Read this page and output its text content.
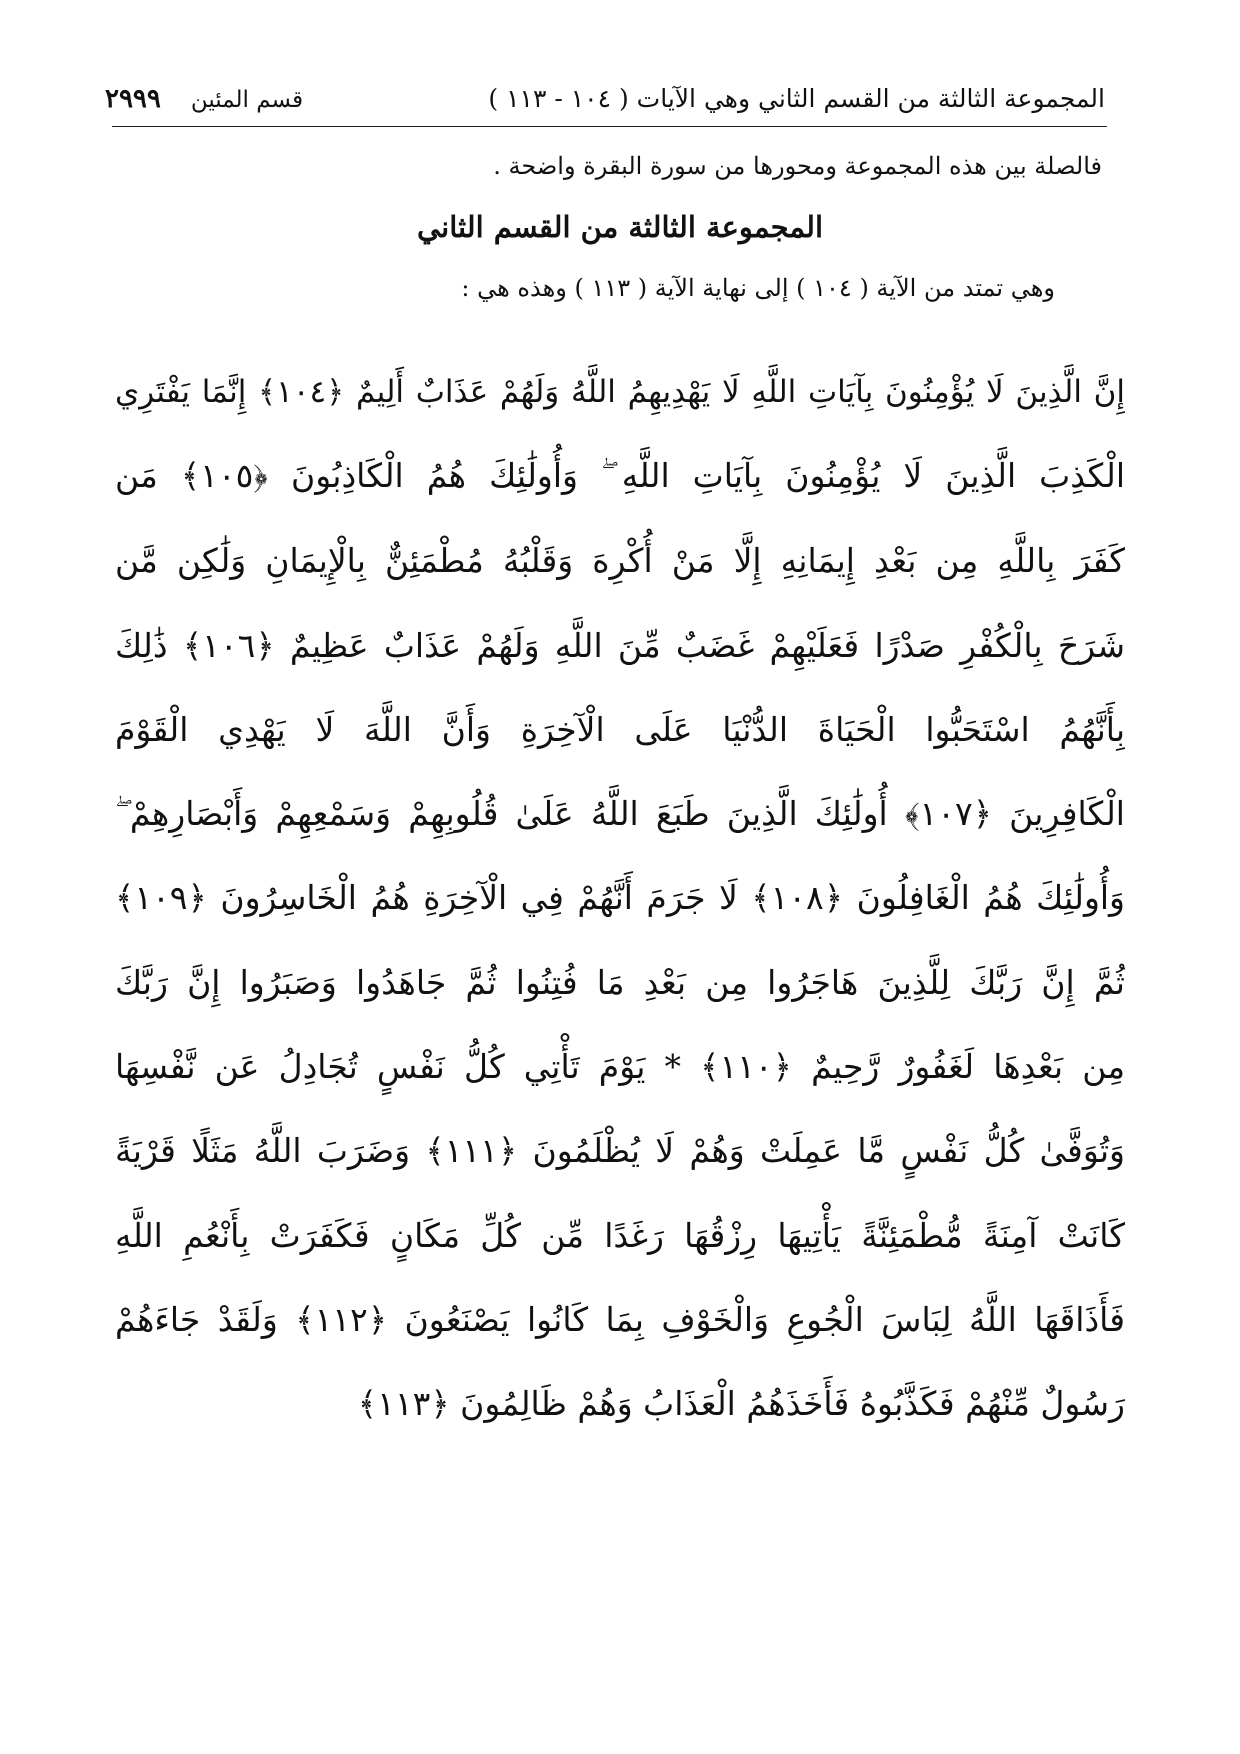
المجموعة الثالثة من القسم الثاني وهي الآيات ( ١٠٤ - ١١٣ )
قسم المئين
٢٩٩٩
فالصلة بين هذه المجموعة ومحورها من سورة البقرة واضحة .
المجموعة الثالثة من القسم الثاني
وهي تمتد من الآية ( ١٠٤ ) إلى نهاية الآية ( ١١٣ ) وهذه هي :
إِنَّ الَّذِينَ لَا يُؤْمِنُونَ بِآيَاتِ اللَّهِ لَا يَهْدِيهِمُ اللَّهُ وَلَهُمْ عَذَابٌ أَلِيمٌ ﴿١٠٤﴾ إِنَّمَا يَفْتَرِي
الْكَذِبَ الَّذِينَ لَا يُؤْمِنُونَ بِآيَاتِ اللَّهِ ۖ وَأُولَٰئِكَ هُمُ الْكَاذِبُونَ ﴿١٠٥﴾ مَن
كَفَرَ بِاللَّهِ مِن بَعْدِ إِيمَانِهِ إِلَّا مَنْ أُكْرِهَ وَقَلْبُهُ مُطْمَئِنٌّ بِالْإِيمَانِ وَلَٰكِن مَّن
شَرَحَ بِالْكُفْرِ صَدْرًا فَعَلَيْهِمْ غَضَبٌ مِّنَ اللَّهِ وَلَهُمْ عَذَابٌ عَظِيمٌ ﴿١٠٦﴾ ذَٰلِكَ
بِأَنَّهُمُ اسْتَحَبُّوا الْحَيَاةَ الدُّنْيَا عَلَى الْآخِرَةِ وَأَنَّ اللَّهَ لَا يَهْدِي الْقَوْمَ
الْكَافِرِينَ ﴿١٠٧﴾ أُولَٰئِكَ الَّذِينَ طَبَعَ اللَّهُ عَلَىٰ قُلُوبِهِمْ وَسَمْعِهِمْ وَأَبْصَارِهِمْ ۖ
وَأُولَٰئِكَ هُمُ الْغَافِلُونَ ﴿١٠٨﴾ لَا جَرَمَ أَنَّهُمْ فِي الْآخِرَةِ هُمُ الْخَاسِرُونَ ﴿١٠٩﴾
ثُمَّ إِنَّ رَبَّكَ لِلَّذِينَ هَاجَرُوا مِن بَعْدِ مَا فُتِنُوا ثُمَّ جَاهَدُوا وَصَبَرُوا إِنَّ رَبَّكَ
مِن بَعْدِهَا لَغَفُورٌ رَّحِيمٌ ﴿١١٠﴾ * يَوْمَ تَأْتِي كُلُّ نَفْسٍ تُجَادِلُ عَن نَّفْسِهَا
وَتُوَفَّىٰ كُلُّ نَفْسٍ مَّا عَمِلَتْ وَهُمْ لَا يُظْلَمُونَ ﴿١١١﴾ وَضَرَبَ اللَّهُ مَثَلًا قَرْيَةً
كَانَتْ آمِنَةً مُّطْمَئِنَّةً يَأْتِيهَا رِزْقُهَا رَغَدًا مِّن كُلِّ مَكَانٍ فَكَفَرَتْ بِأَنْعُمِ اللَّهِ
فَأَذَاقَهَا اللَّهُ لِبَاسَ الْجُوعِ وَالْخَوْفِ بِمَا كَانُوا يَصْنَعُونَ ﴿١١٢﴾ وَلَقَدْ جَاءَهُمْ
رَسُولٌ مِّنْهُمْ فَكَذَّبُوهُ فَأَخَذَهُمُ الْعَذَابُ وَهُمْ ظَالِمُونَ ﴿١١٣﴾
